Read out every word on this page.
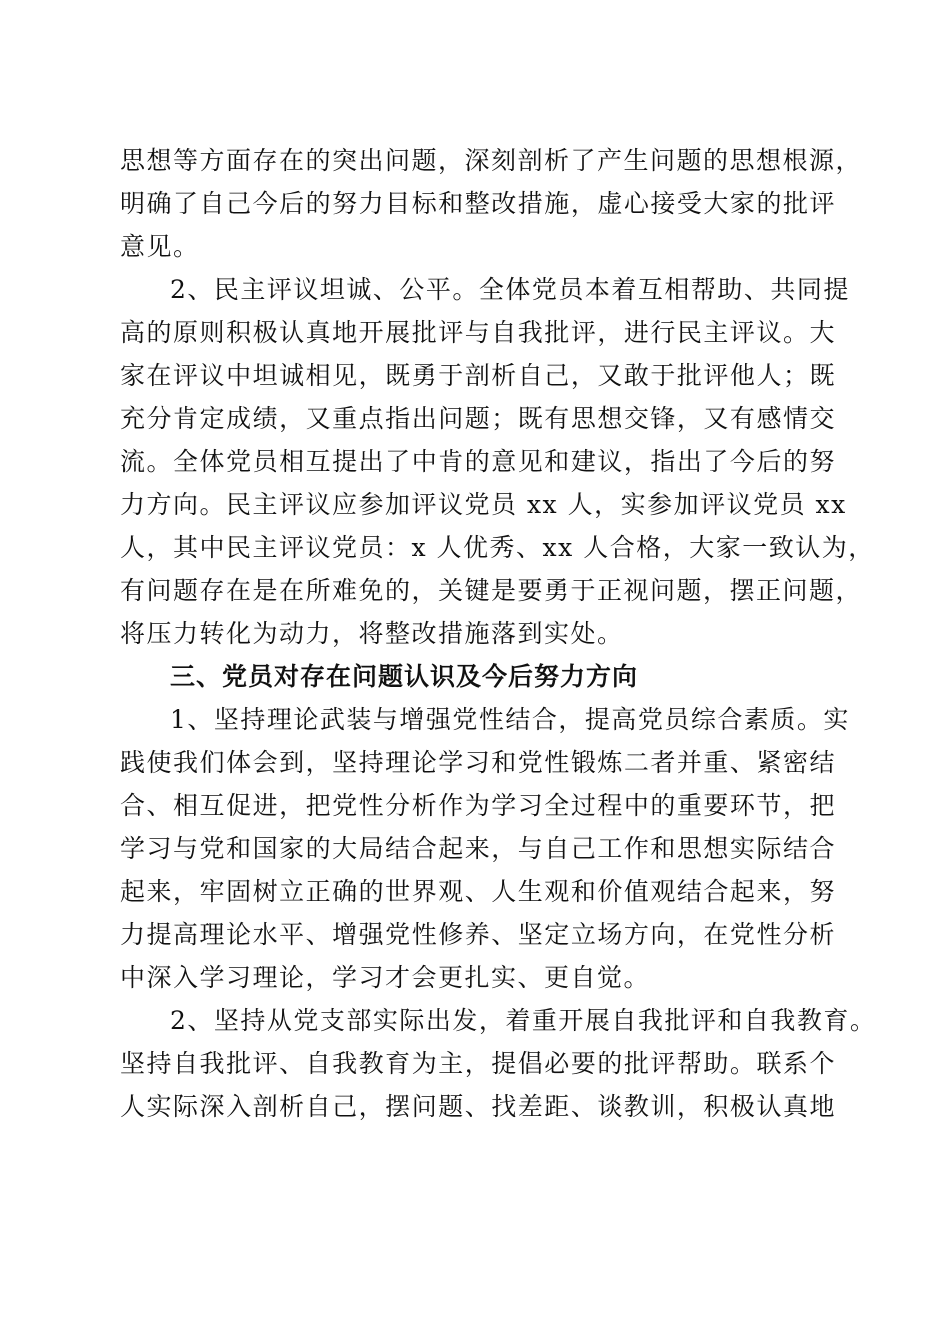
思想等方面存在的突出问题，深刻剖析了产生问题的思想根源，
明确了自己今后的努力目标和整改措施，虚心接受大家的批评
意见。
2、民主评议坦诚、公平。全体党员本着互相帮助、共同提
高的原则积极认真地开展批评与自我批评，进行民主评议。大
家在评议中坦诚相见，既勇于剖析自己，又敢于批评他人；既
充分肯定成绩，又重点指出问题；既有思想交锋，又有感情交
流。全体党员相互提出了中肯的意见和建议，指出了今后的努
力方向。民主评议应参加评议党员 xx 人，实参加评议党员 xx
人，其中民主评议党员：x 人优秀、xx 人合格，大家一致认为，
有问题存在是在所难免的，关键是要勇于正视问题，摆正问题，
将压力转化为动力，将整改措施落到实处。
三、党员对存在问题认识及今后努力方向
1、坚持理论武装与增强党性结合，提高党员综合素质。实
践使我们体会到，坚持理论学习和党性锻炼二者并重、紧密结
合、相互促进，把党性分析作为学习全过程中的重要环节，把
学习与党和国家的大局结合起来，与自己工作和思想实际结合
起来，牢固树立正确的世界观、人生观和价值观结合起来，努
力提高理论水平、增强党性修养、坚定立场方向，在党性分析
中深入学习理论，学习才会更扎实、更自觉。
2、坚持从党支部实际出发，着重开展自我批评和自我教育。
坚持自我批评、自我教育为主，提倡必要的批评帮助。联系个
人实际深入剖析自己，摆问题、找差距、谈教训，积极认真地
